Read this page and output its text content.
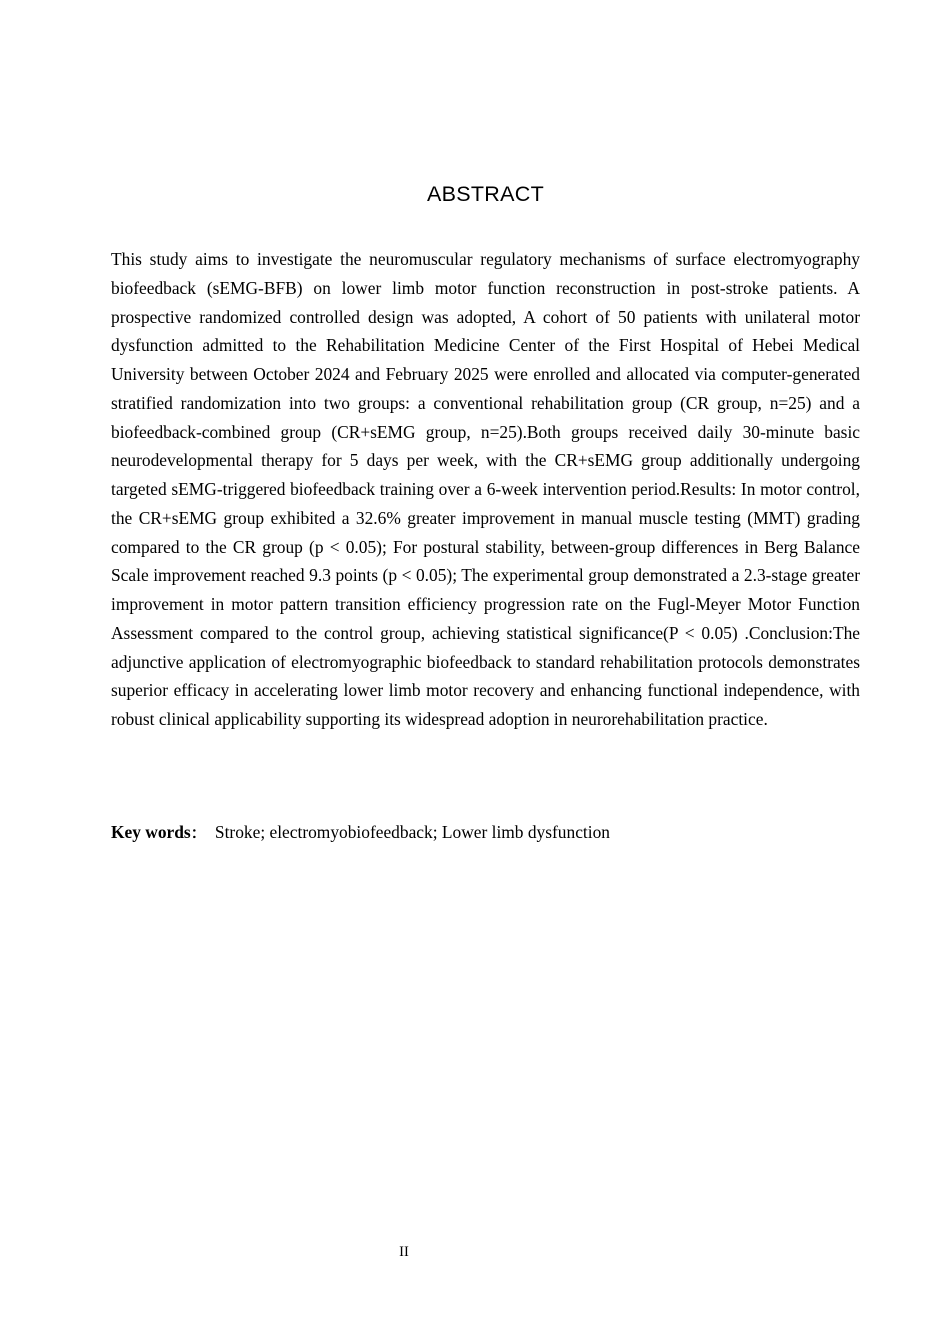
ABSTRACT

This study aims to investigate the neuromuscular regulatory mechanisms of surface electromyography biofeedback (sEMG-BFB) on lower limb motor function reconstruction in post-stroke patients. A prospective randomized controlled design was adopted, A cohort of 50 patients with unilateral motor dysfunction admitted to the Rehabilitation Medicine Center of the First Hospital of Hebei Medical University between October 2024 and February 2025 were enrolled and allocated via computer-generated stratified randomization into two groups: a conventional rehabilitation group (CR group, n=25) and a biofeedback-combined group (CR+sEMG group, n=25).Both groups received daily 30-minute basic neurodevelopmental therapy for 5 days per week, with the CR+sEMG group additionally undergoing targeted sEMG-triggered biofeedback training over a 6-week intervention period.Results: In motor control, the CR+sEMG group exhibited a 32.6% greater improvement in manual muscle testing (MMT) grading compared to the CR group (p < 0.05); For postural stability, between-group differences in Berg Balance Scale improvement reached 9.3 points (p < 0.05); The experimental group demonstrated a 2.3-stage greater improvement in motor pattern transition efficiency progression rate on the Fugl-Meyer Motor Function Assessment compared to the control group, achieving statistical significance(P < 0.05) .Conclusion:The adjunctive application of electromyographic biofeedback to standard rehabilitation protocols demonstrates superior efficacy in accelerating lower limb motor recovery and enhancing functional independence, with robust clinical applicability supporting its widespread adoption in neurorehabilitation practice.

Key words： Stroke; electromyobiofeedback; Lower limb dysfunction

II
